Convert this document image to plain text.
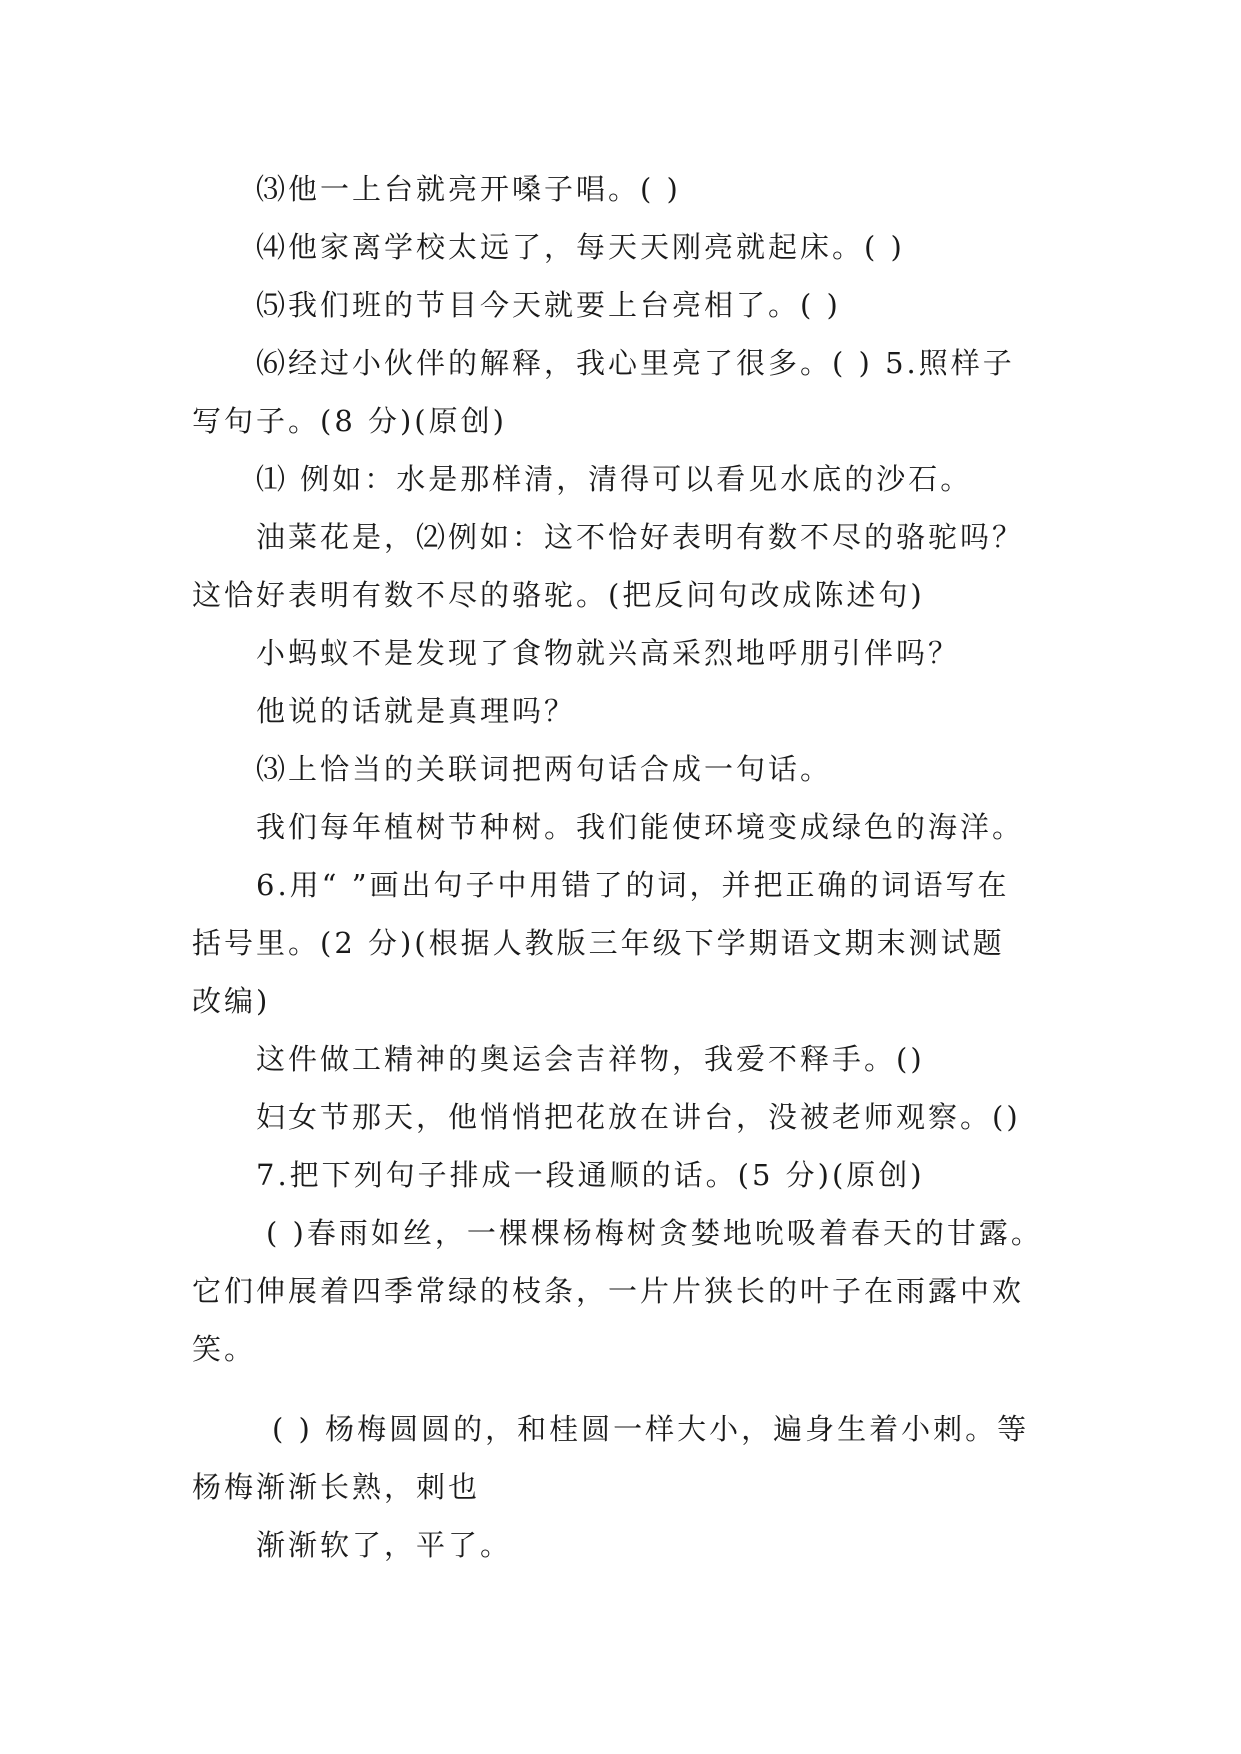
⑶他一上台就亮开嗓子唱。( )
⑷他家离学校太远了，每天天刚亮就起床。( )
⑸我们班的节目今天就要上台亮相了。( )
⑹经过小伙伴的解释，我心里亮了很多。( ) 5.照样子
写句子。(8 分)(原创)
⑴ 例如：水是那样清，清得可以看见水底的沙石。
油菜花是，⑵例如：这不恰好表明有数不尽的骆驼吗？
这恰好表明有数不尽的骆驼。(把反问句改成陈述句)
小蚂蚁不是发现了食物就兴高采烈地呼朋引伴吗？
他说的话就是真理吗？
⑶上恰当的关联词把两句话合成一句话。
我们每年植树节种树。我们能使环境变成绿色的海洋。
6.用“ ”画出句子中用错了的词，并把正确的词语写在
括号里。(2 分)(根据人教版三年级下学期语文期末测试题
改编)
这件做工精神的奥运会吉祥物，我爱不释手。()
妇女节那天，他悄悄把花放在讲台，没被老师观察。()
7.把下列句子排成一段通顺的话。(5 分)(原创)
( )春雨如丝，一棵棵杨梅树贪婪地吮吸着春天的甘露。
它们伸展着四季常绿的枝条，一片片狭长的叶子在雨露中欢
笑。
( ) 杨梅圆圆的，和桂圆一样大小，遍身生着小刺。等
杨梅渐渐长熟，刺也
渐渐软了，平了。
